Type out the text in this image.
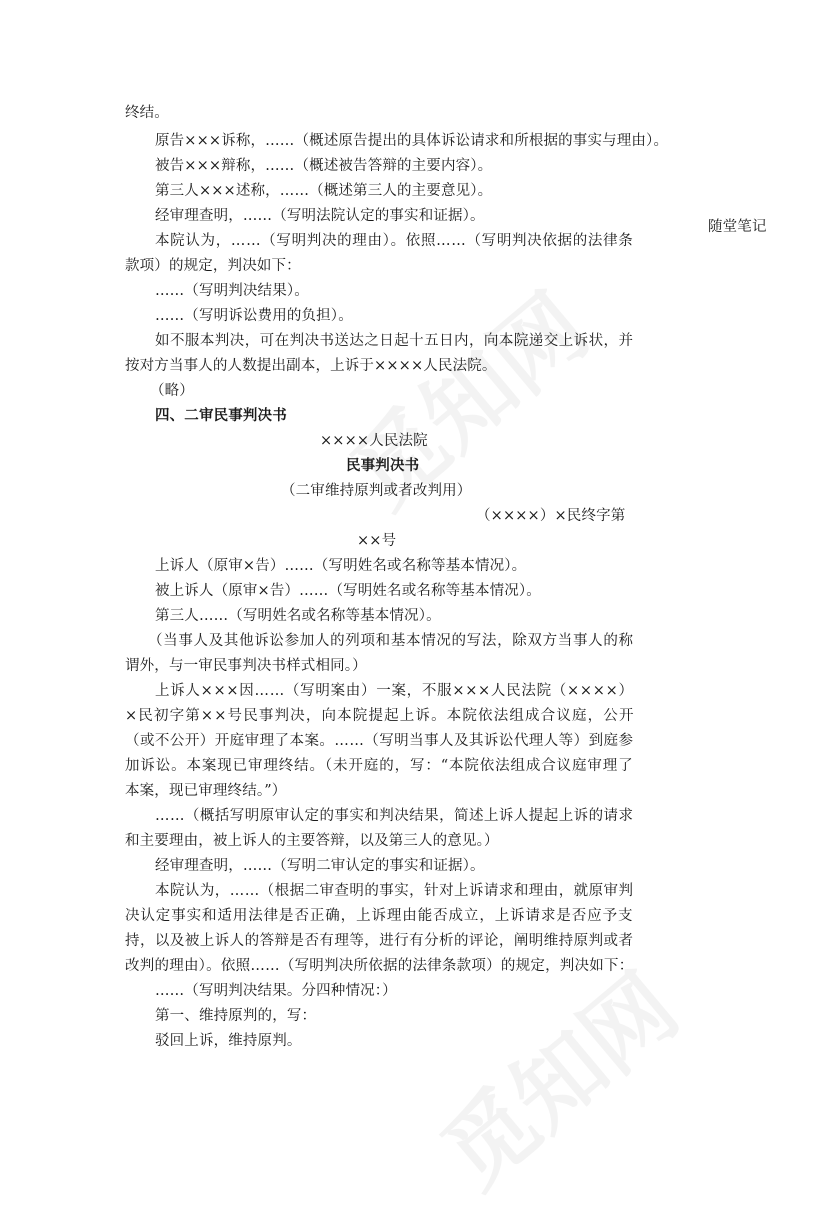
随堂笔记
终结。
原告×××诉称，……（概述原告提出的具体诉讼请求和所根据的事实与理由）。
被告×××辩称，……（概述被告答辩的主要内容）。
第三人×××述称，……（概述第三人的主要意见）。
经审理查明，……（写明法院认定的事实和证据）。
本院认为，……（写明判决的理由）。依照……（写明判决依据的法律条
款项）的规定，判决如下：
……（写明判决结果）。
……（写明诉讼费用的负担）。
如不服本判决，可在判决书送达之日起十五日内，向本院递交上诉状，并
按对方当事人的人数提出副本，上诉于××××人民法院。
（略）
四、二审民事判决书
××××人民法院
民事判决书
（二审维持原判或者改判用）
（××××）×民终字第
××号
上诉人（原审×告）……（写明姓名或名称等基本情况）。
被上诉人（原审×告）……（写明姓名或名称等基本情况）。
第三人……（写明姓名或名称等基本情况）。
（当事人及其他诉讼参加人的列项和基本情况的写法，除双方当事人的称
谓外，与一审民事判决书样式相同。）
上诉人×××因……（写明案由）一案，不服×××人民法院（××××）
×民初字第××号民事判决，向本院提起上诉。本院依法组成合议庭，公开
（或不公开）开庭审理了本案。……（写明当事人及其诉讼代理人等）到庭参
加诉讼。本案现已审理终结。（未开庭的，写：“本院依法组成合议庭审理了
本案，现已审理终结。”）
……（概括写明原审认定的事实和判决结果，简述上诉人提起上诉的请求
和主要理由，被上诉人的主要答辩，以及第三人的意见。）
经审理查明，……（写明二审认定的事实和证据）。
本院认为，……（根据二审查明的事实，针对上诉请求和理由，就原审判
决认定事实和适用法律是否正确，上诉理由能否成立，上诉请求是否应予支
持，以及被上诉人的答辩是否有理等，进行有分析的评论，阐明维持原判或者
改判的理由）。依照……（写明判决所依据的法律条款项）的规定，判决如下：
……（写明判决结果。分四种情况：）
第一、维持原判的，写：
驳回上诉，维持原判。
